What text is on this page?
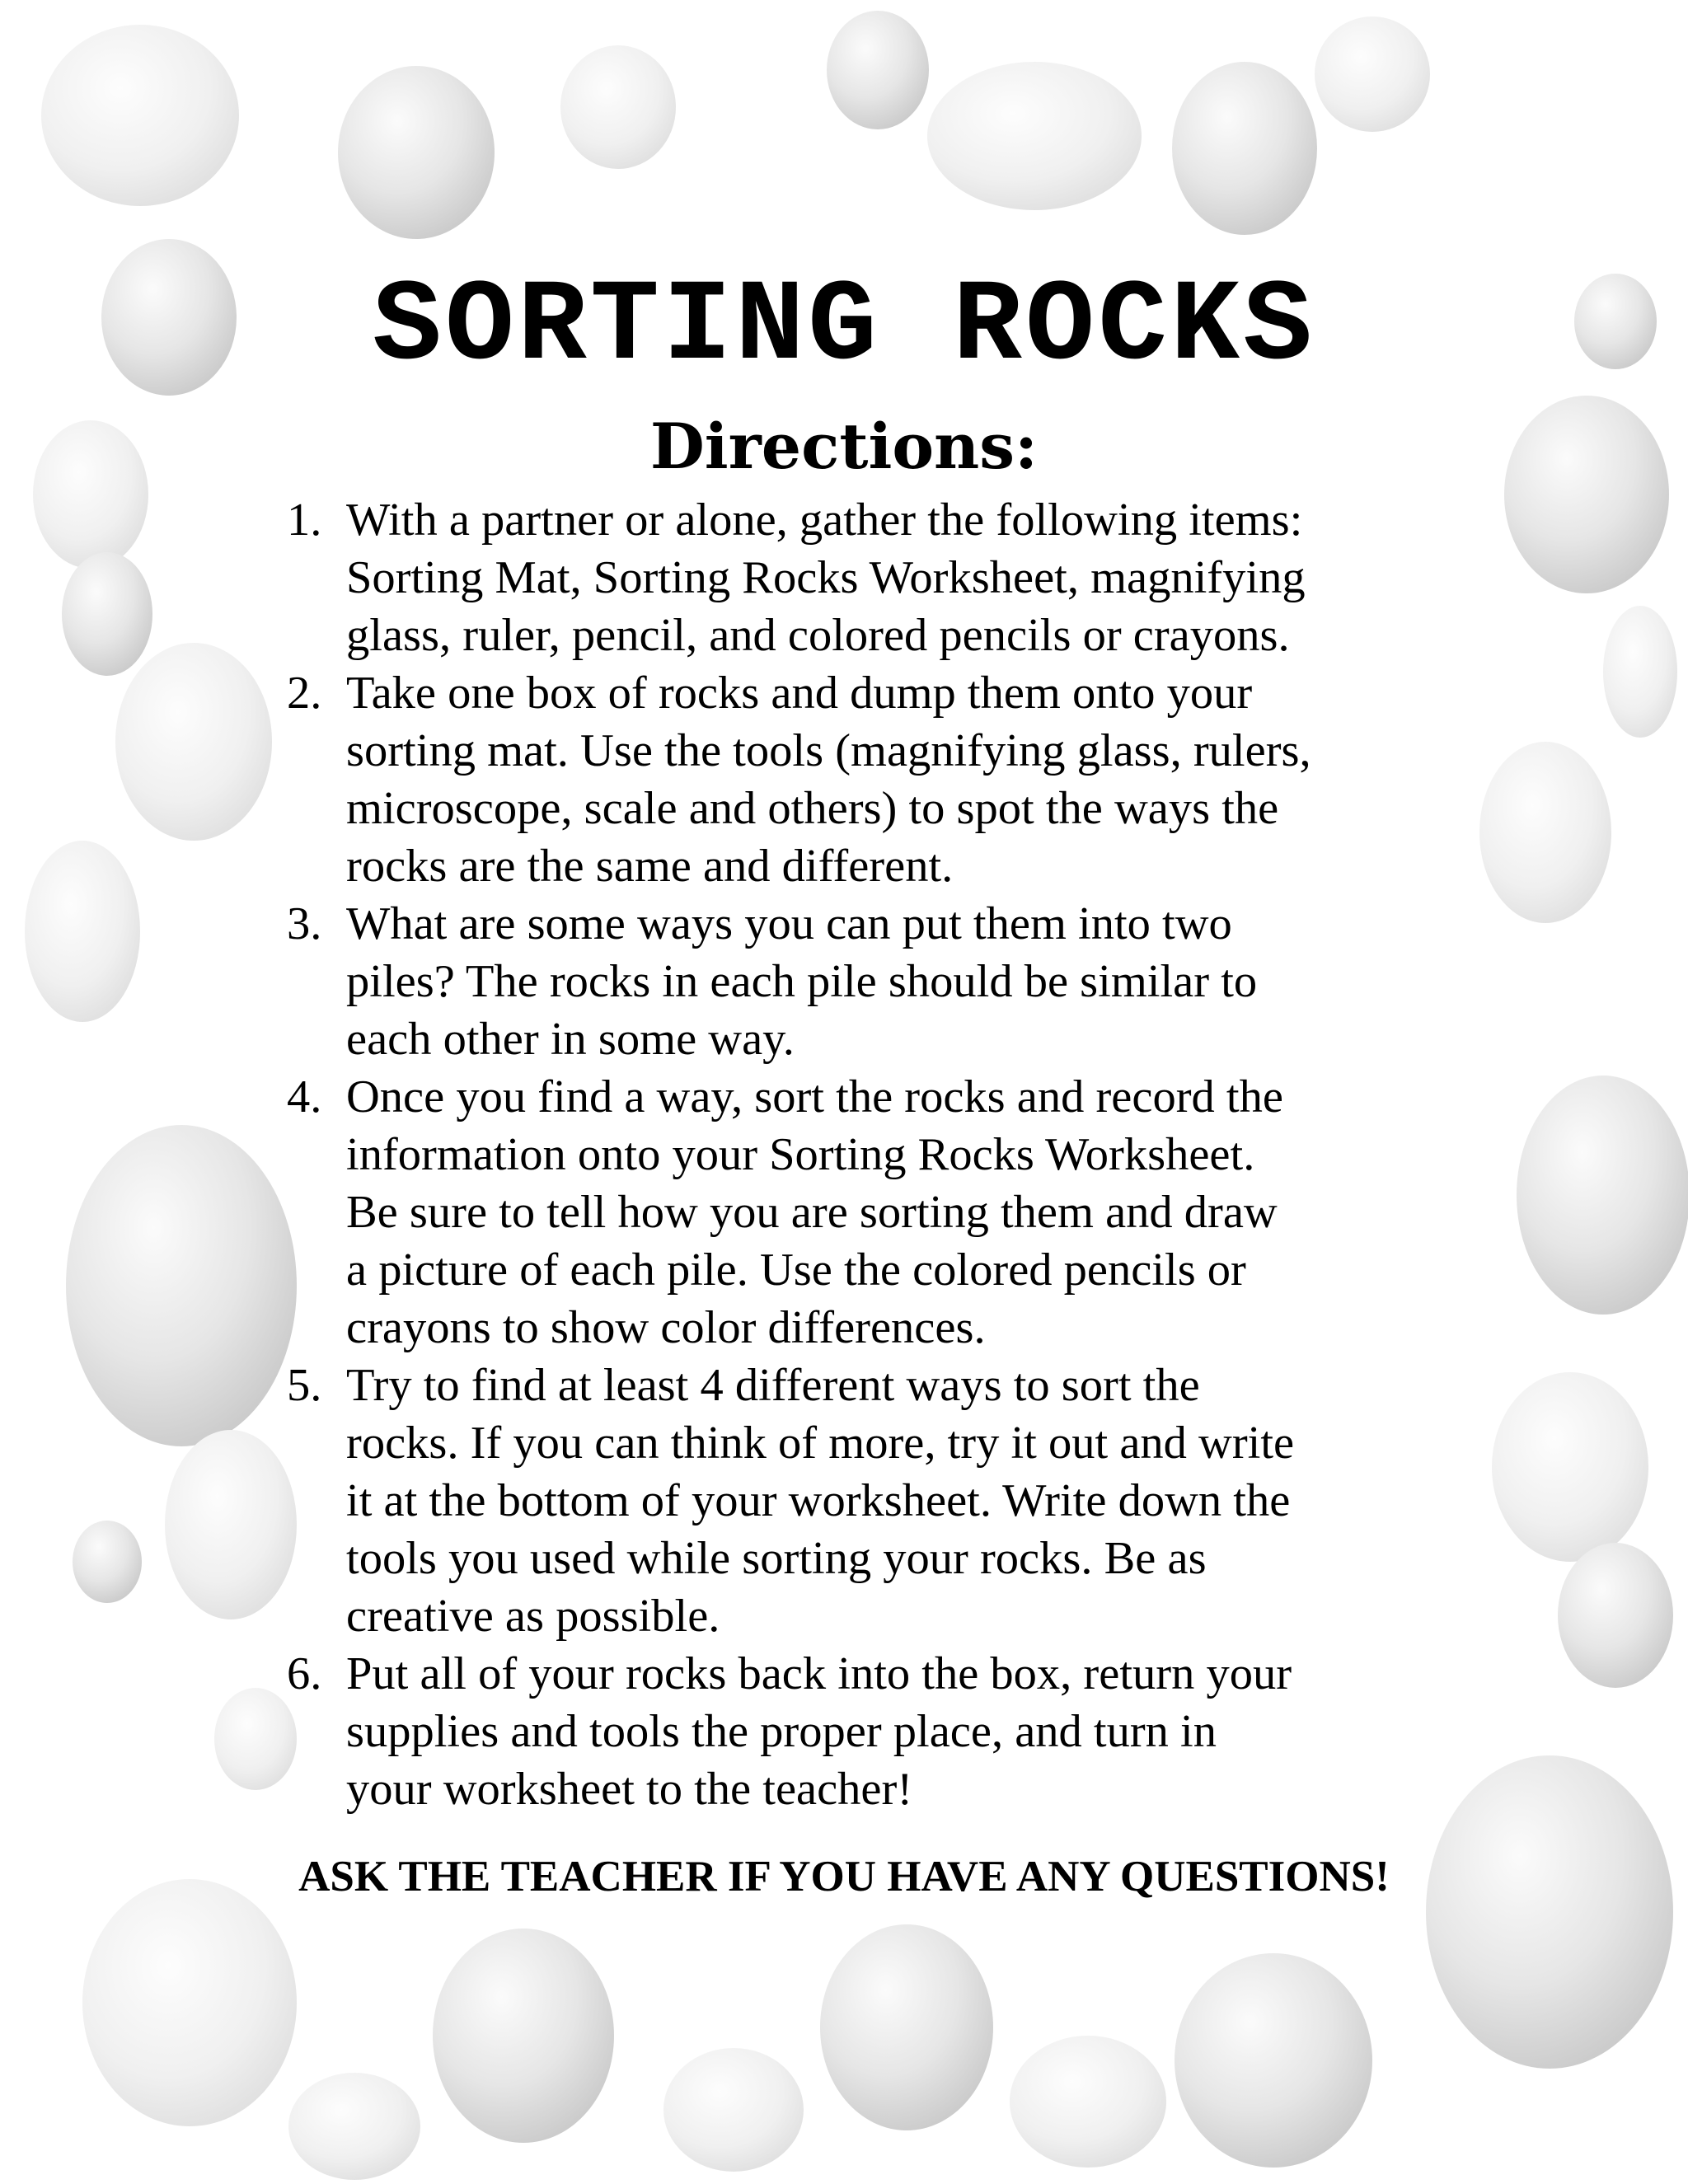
SORTING ROCKS
Directions:
1. With a partner or alone, gather the following items:
Sorting Mat, Sorting Rocks Worksheet, magnifying
glass, ruler, pencil, and colored pencils or crayons.
2. Take one box of rocks and dump them onto your
sorting mat. Use the tools (magnifying glass, rulers,
microscope, scale and others) to spot the ways the
rocks are the same and different.
3. What are some ways you can put them into two
piles? The rocks in each pile should be similar to
each other in some way.
4. Once you find a way, sort the rocks and record the
information onto your Sorting Rocks Worksheet.
Be sure to tell how you are sorting them and draw
a picture of each pile. Use the colored pencils or
crayons to show color differences.
5. Try to find at least 4 different ways to sort the
rocks. If you can think of more, try it out and write
it at the bottom of your worksheet. Write down the
tools you used while sorting your rocks. Be as
creative as possible.
6. Put all of your rocks back into the box, return your
supplies and tools the proper place, and turn in
your worksheet to the teacher!

ASK THE TEACHER IF YOU HAVE ANY QUESTIONS!
